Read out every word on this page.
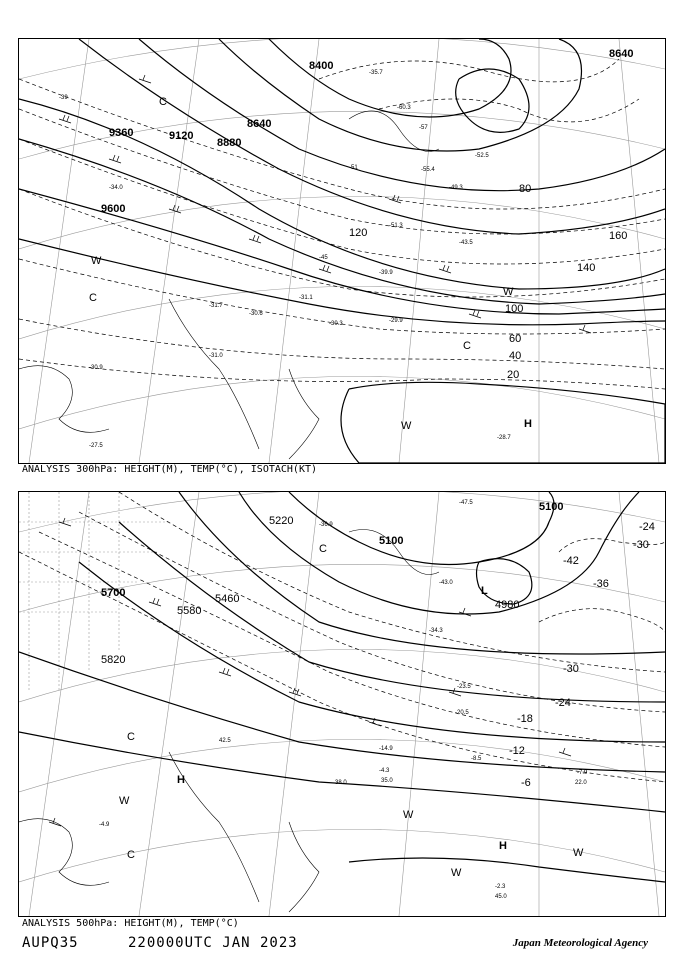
8400
8640
8640
9360	9120
8880
9600
20
40
60
80
100
120
140
160
-39
-45
-51
-57
-60.3
-52.5
-55.4
-49.3
-51.3
-43.5
-39.9
-30.3
-31.1
-29.9
-31.7
-30.6
-27.5
-28.7
-31.0
-30.9
-34.0
-35.7
H
W
W
W
C
C
C
ANALYSIS 300hPa: HEIGHT(M), TEMP(°C), ISOTACH(KT)
5100
5100
5220
5460
5580
5700
5820
4980
-6
-12
-18
-24
-30
-36
-42
-24
-30
-47.5
-36.9
-43.0
-34.3
-23.5
-20.5
-14.9
-8.5
-4.3	-7.9
-2.3
-4.9
22.0
45.0
35.0
38.0
42.5
H
H
L
W
W
W
W
C
C
C
ANALYSIS 500hPa: HEIGHT(M), TEMP(°C)
AUPQ35	220000UTC JAN 2023	Japan Meteorological Agency
